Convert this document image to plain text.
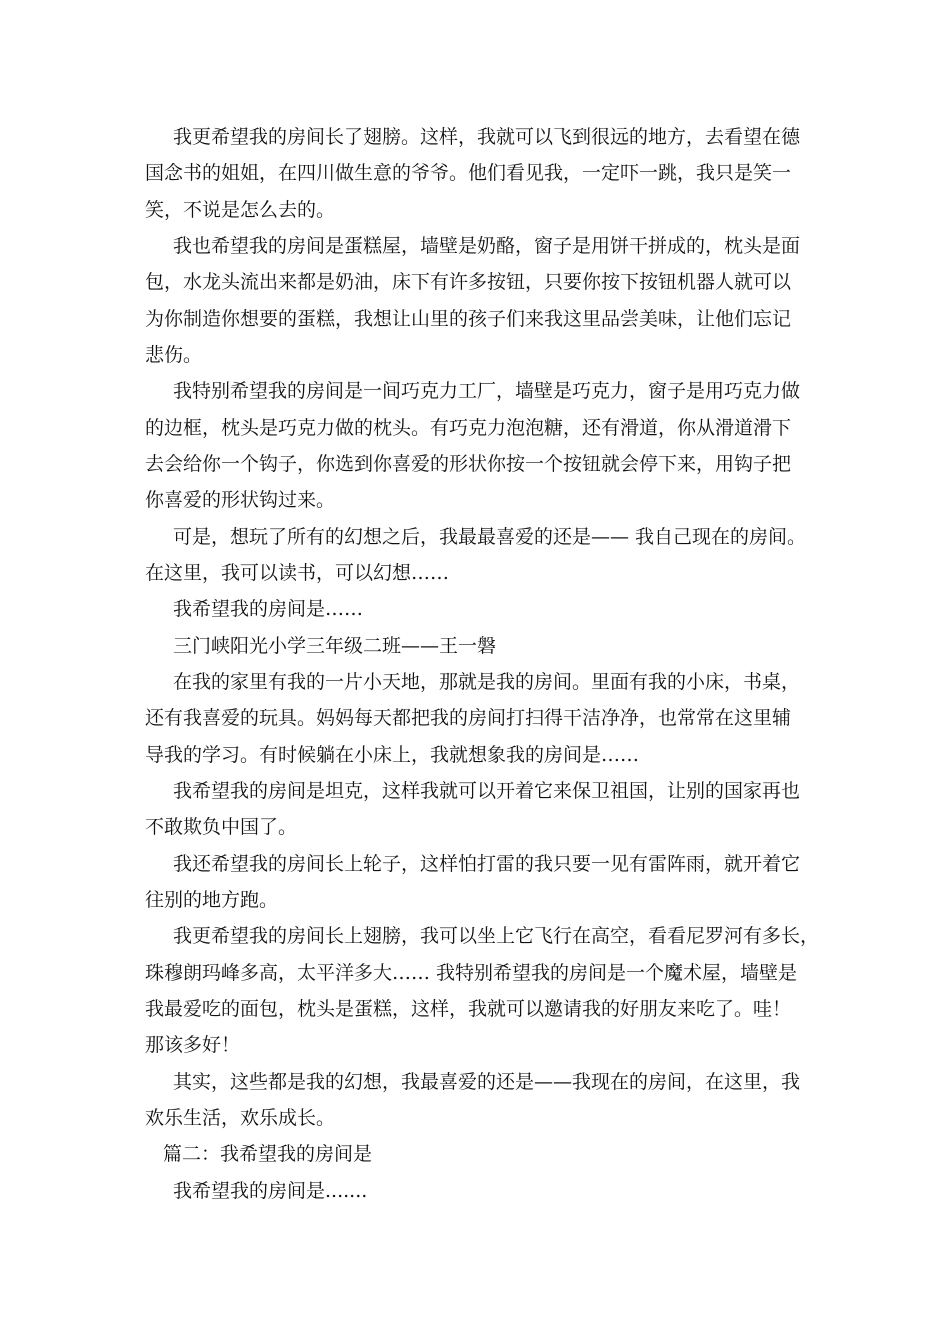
我更希望我的房间长了翅膀。这样，我就可以飞到很远的地方，去看望在德
国念书的姐姐，在四川做生意的爷爷。他们看见我，一定吓一跳，我只是笑一
笑，不说是怎么去的。
我也希望我的房间是蛋糕屋，墙壁是奶酪，窗子是用饼干拼成的，枕头是面
包，水龙头流出来都是奶油，床下有许多按钮，只要你按下按钮机器人就可以
为你制造你想要的蛋糕，我想让山里的孩子们来我这里品尝美味，让他们忘记
悲伤。
我特别希望我的房间是一间巧克力工厂，墙壁是巧克力，窗子是用巧克力做
的边框，枕头是巧克力做的枕头。有巧克力泡泡糖，还有滑道，你从滑道滑下
去会给你一个钩子，你选到你喜爱的形状你按一个按钮就会停下来，用钩子把
你喜爱的形状钩过来。
可是，想玩了所有的幻想之后，我最最喜爱的还是—— 我自己现在的房间。
在这里，我可以读书，可以幻想……
我希望我的房间是……
三门峡阳光小学三年级二班——王一磐
在我的家里有我的一片小天地，那就是我的房间。里面有我的小床，书桌，
还有我喜爱的玩具。妈妈每天都把我的房间打扫得干洁净净，也常常在这里辅
导我的学习。有时候躺在小床上，我就想象我的房间是……
我希望我的房间是坦克，这样我就可以开着它来保卫祖国，让别的国家再也
不敢欺负中国了。
我还希望我的房间长上轮子，这样怕打雷的我只要一见有雷阵雨，就开着它
往别的地方跑。
我更希望我的房间长上翅膀，我可以坐上它飞行在高空，看看尼罗河有多长，
珠穆朗玛峰多高，太平洋多大…… 我特别希望我的房间是一个魔术屋，墙壁是
我最爱吃的面包，枕头是蛋糕，这样，我就可以邀请我的好朋友来吃了。哇！
那该多好！
其实，这些都是我的幻想，我最喜爱的还是——我现在的房间，在这里，我
欢乐生活，欢乐成长。
篇二：我希望我的房间是
我希望我的房间是.......
